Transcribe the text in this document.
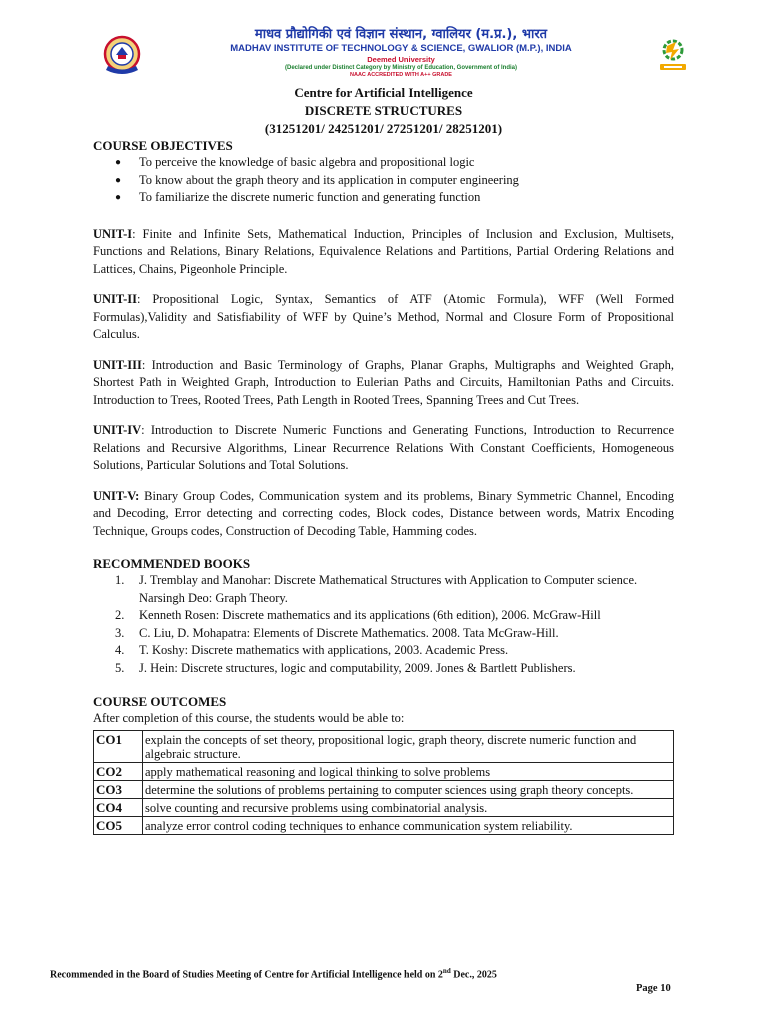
माधव प्रौद्योगिकी एवं विज्ञान संस्थान, ग्वालियर (म.प्र.), भारत
MADHAV INSTITUTE OF TECHNOLOGY & SCIENCE, GWALIOR (M.P.), INDIA
Deemed University
(Declared under Distinct Category by Ministry of Education, Government of India)
NAAC ACCREDITED WITH A++ GRADE
Centre for Artificial Intelligence
DISCRETE STRUCTURES
(31251201/ 24251201/ 27251201/ 28251201)
COURSE OBJECTIVES
● To perceive the knowledge of basic algebra and propositional logic
● To know about the graph theory and its application in computer engineering
● To familiarize the discrete numeric function and generating function
UNIT-I: Finite and Infinite Sets, Mathematical Induction, Principles of Inclusion and Exclusion, Multisets, Functions and Relations, Binary Relations, Equivalence Relations and Partitions, Partial Ordering Relations and Lattices, Chains, Pigeonhole Principle.
UNIT-II: Propositional Logic, Syntax, Semantics of ATF (Atomic Formula), WFF (Well Formed Formulas),Validity and Satisfiability of WFF by Quine’s Method, Normal and Closure Form of Propositional Calculus.
UNIT-III: Introduction and Basic Terminology of Graphs, Planar Graphs, Multigraphs and Weighted Graph, Shortest Path in Weighted Graph, Introduction to Eulerian Paths and Circuits, Hamiltonian Paths and Circuits. Introduction to Trees, Rooted Trees, Path Length in Rooted Trees, Spanning Trees and Cut Trees.
UNIT-IV: Introduction to Discrete Numeric Functions and Generating Functions, Introduction to Recurrence Relations and Recursive Algorithms, Linear Recurrence Relations With Constant Coefficients, Homogeneous Solutions, Particular Solutions and Total Solutions.
UNIT-V: Binary Group Codes, Communication system and its problems, Binary Symmetric Channel, Encoding and Decoding, Error detecting and correcting codes, Block codes, Distance between words, Matrix Encoding Technique, Groups codes, Construction of Decoding Table, Hamming codes.
RECOMMENDED BOOKS
1. J. Tremblay and Manohar: Discrete Mathematical Structures with Application to Computer science. Narsingh Deo: Graph Theory.
2. Kenneth Rosen: Discrete mathematics and its applications (6th edition), 2006. McGraw-Hill
3. C. Liu, D. Mohapatra: Elements of Discrete Mathematics. 2008. Tata McGraw-Hill.
4. T. Koshy: Discrete mathematics with applications, 2003. Academic Press.
5. J. Hein: Discrete structures, logic and computability, 2009. Jones & Bartlett Publishers.
COURSE OUTCOMES
After completion of this course, the students would be able to:
CO1	explain the concepts of set theory, propositional logic, graph theory, discrete numeric function and algebraic structure.
CO2	apply mathematical reasoning and logical thinking to solve problems
CO3	determine the solutions of problems pertaining to computer sciences using graph theory concepts.
CO4	solve counting and recursive problems using combinatorial analysis.
CO5	analyze error control coding techniques to enhance communication system reliability.
Recommended in the Board of Studies Meeting of Centre for Artificial Intelligence held on 2nd Dec., 2025
Page 10
